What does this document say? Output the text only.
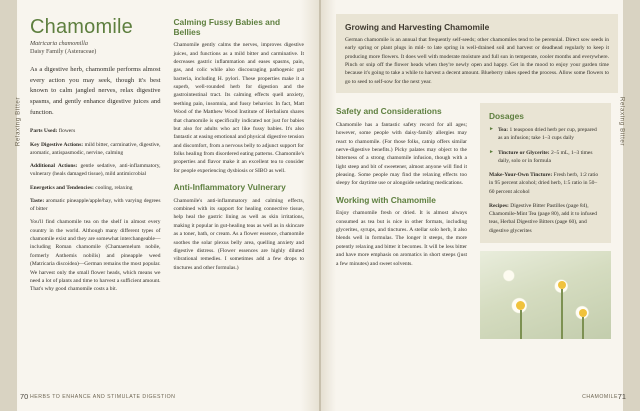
Relaxing Bitter
Chamomile
Matricaria chamomilla
Daisy Family (Asteraceae)
As a digestive herb, chamomile performs almost every action you may seek, though it's best known to calm jangled nerves, relax digestive spasms, and gently enhance digestive juices and function.
Parts Used: flowers
Key Digestive Actions: mild bitter, carminative, digestive, aromatic, antispasmodic, nervine, calming
Additional Actions: gentle sedative, anti-inflammatory, vulnerary (heals damaged tissue), mild antimicrobial
Energetics and Tendencies: cooling, relaxing
Taste: aromatic pineapple/apple/hay, with varying degrees of bitter

You'll find chamomile tea on the shelf in almost every country in the world. Although many different types of chamomile exist and they are somewhat interchangeable—including Roman chamomile (Chamaemelum nobile, formerly Anthemis nobilis) and pineapple weed (Matricaria discoidea)—German remains the most popular. We harvest only the small flower heads, which means we need a lot of plants and time to harvest a sufficient amount. That's why good chamomile costs a bit.

Calming Fussy Babies and Bellies

Chamomile gently calms the nerves, improves digestive juices, and functions as a mild bitter and carminative. It decreases gastric inflammation and eases spasms, pain, gas, and colic while also discouraging pathogenic gut bacteria, including H. pylori. These properties make it a superb, well-rounded herb for digestion and the gastrointestinal tract. Its calming effects quell anxiety, teething pain, insomnia, and fussy behavior. In fact, Matt Wood of the Matthew Wood Institute of Herbalism shares that chamomile is specifically indicated not just for babies but also for adults who act like fussy babies. It's also fantastic at easing emotional and physical digestive tension and discomfort, from a nervous belly to adjunct support for folks healing from disordered eating patterns. Chamomile's properties and flavor make it an excellent tea to consider for people experiencing dysbiosis or SIBO as well.

Anti-Inflammatory Vulnerary

Chamomile's anti-inflammatory and calming effects, combined with its support for healing connective tissue, help heal the gastric lining as well as skin irritations, making it popular in gut-healing teas as well as in skincare as a toner, bath, or cream. As a flower essence, chamomile soothes the solar plexus belly area, quelling anxiety and digestive distress. (Flower essences are highly diluted vibrational remedies. I sometimes add a few drops to tinctures and other formulas.)

70 HERBS TO ENHANCE AND STIMULATE DIGESTION
Relaxing Bitter
Growing and Harvesting Chamomile

German chamomile is an annual that frequently self-seeds; other chamomiles tend to be perennial. Direct sow seeds in early spring or plant plugs in mid- to late spring in well-drained soil and harvest or deadhead regularly to keep it producing more flowers. It does well with moderate moisture and full sun in temperate, cooler months and everywhere. Pinch or snip off the flower heads when they're newly open and happy. Get in the mood to enjoy your garden time because it's going to take a while to harvest a decent amount. Blueberry rakes speed the process. Allow some flowers to go to seed to self-sow for the next year.

Safety and Considerations

Chamomile has a fantastic safety record for all ages; however, some people with daisy-family allergies may react to chamomile. (For those folks, catnip offers similar nerve-digestive benefits.) Picky palates may object to the bitterness of a strong chamomile infusion, though with a light steep and bit of sweetener, almost anyone will find it pleasing. Some people may find the relaxing effects too sleepy for daytime use or alongside sedating medications.

Working with Chamomile

Enjoy chamomile fresh or dried. It is almost always consumed as tea but is nice in other formats, including glycerites, syrups, and tinctures. A stellar solo herb, it also blends well in formulas. The longer it steeps, the more potently relaxing and bitter it becomes. It will be less bitter and have more emphasis on aromatics in short steeps (just a few minutes) and sweet solvents.

Dosages
► Tea: 1 teaspoon dried herb per cup, prepared as an infusion; take 1–3 cups daily
► Tincture or Glycerite: 2–5 mL, 1–3 times daily, solo or in formula
Make-Your-Own Tincture: Fresh herb, 1:2 ratio in 95 percent alcohol; dried herb, 1:5 ratio in 50–60 percent alcohol
Recipes: Digestive Bitter Pastilles (page 84), Chamomile-Mint Tea (page 80), add it to infused teas, Herbal Digestive Bitters (page 60), and digestive glycerites
CHAMOMILE 71
